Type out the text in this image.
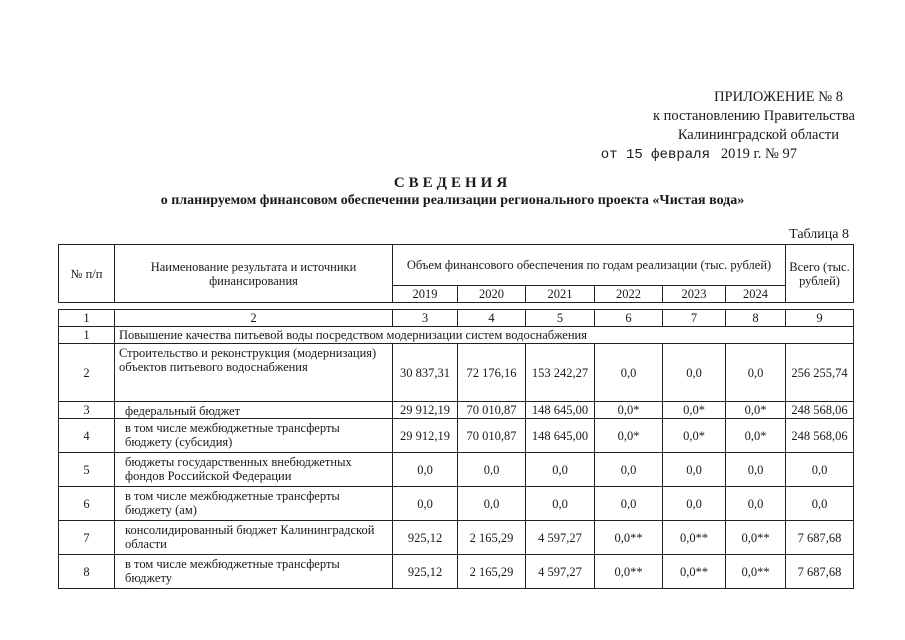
ПРИЛОЖЕНИЕ № 8
к постановлению Правительства
Калининградской области
от 15 февраля 2019 г. № 97
СВЕДЕНИЯ
о планируемом финансовом обеспечении реализации регионального проекта «Чистая вода»
Таблица 8
№ п/п	Наименование результата и источники финансирования	Объем финансового обеспечения по годам реализации (тыс. рублей)						Всего (тыс. рублей)
		2019	2020	2021	2022	2023	2024	

1	2	3	4	5	6	7	8	9
1	Повышение качества питьевой воды посредством модернизации систем водоснабжения							
2	Строительство и реконструкция (модернизация) объектов питьевого водоснабжения	30 837,31	72 176,16	153 242,27	0,0	0,0	0,0	256 255,74
3	федеральный бюджет	29 912,19	70 010,87	148 645,00	0,0*	0,0*	0,0*	248 568,06
4	в том числе межбюджетные трансферты бюджету (субсидия)	29 912,19	70 010,87	148 645,00	0,0*	0,0*	0,0*	248 568,06
5	бюджеты государственных внебюджетных фондов Российской Федерации	0,0	0,0	0,0	0,0	0,0	0,0	0,0
6	в том числе межбюджетные трансферты бюджету (ам)	0,0	0,0	0,0	0,0	0,0	0,0	0,0
7	консолидированный бюджет Калининградской области	925,12	2 165,29	4 597,27	0,0**	0,0**	0,0**	7 687,68
8	в том числе межбюджетные трансферты бюджету	925,12	2 165,29	4 597,27	0,0**	0,0**	0,0**	7 687,68
